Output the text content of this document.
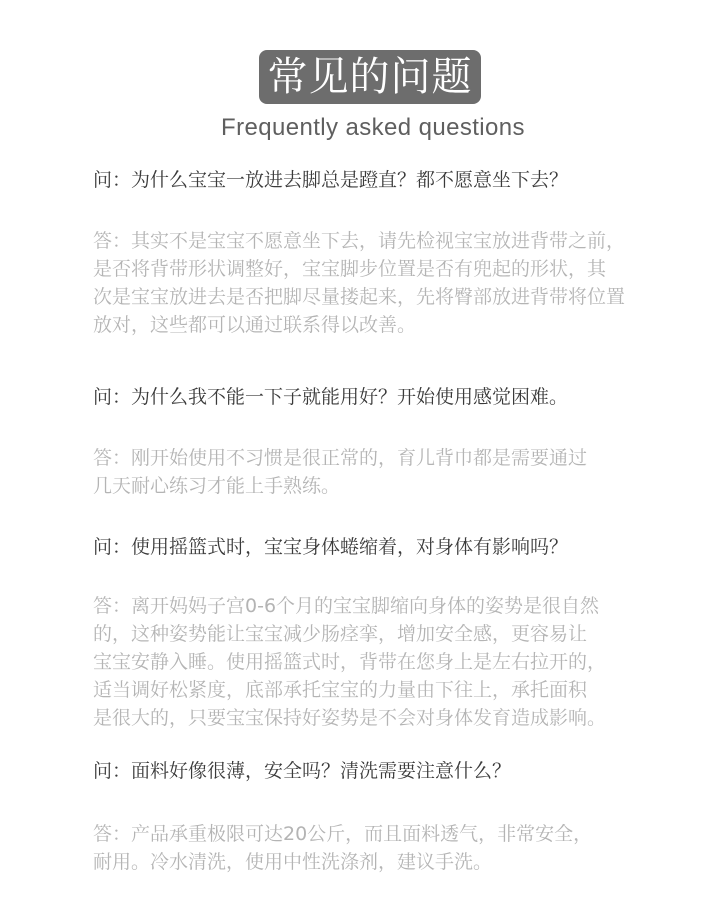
常见的问题
Frequently asked questions
问：为什么宝宝一放进去脚总是蹬直？都不愿意坐下去？
答：其实不是宝宝不愿意坐下去，请先检视宝宝放进背带之前，
是否将背带形状调整好，宝宝脚步位置是否有兜起的形状，其
次是宝宝放进去是否把脚尽量搂起来，先将臀部放进背带将位置
放对，这些都可以通过联系得以改善。
问：为什么我不能一下子就能用好？开始使用感觉困难。
答：刚开始使用不习惯是很正常的，育儿背巾都是需要通过
几天耐心练习才能上手熟练。
问：使用摇篮式时，宝宝身体蜷缩着，对身体有影响吗？
答：离开妈妈子宫0-6个月的宝宝脚缩向身体的姿势是很自然
的，这种姿势能让宝宝减少肠痉挛，增加安全感，更容易让
宝宝安静入睡。使用摇篮式时，背带在您身上是左右拉开的，
适当调好松紧度，底部承托宝宝的力量由下往上，承托面积
是很大的，只要宝宝保持好姿势是不会对身体发育造成影响。
问：面料好像很薄，安全吗？清洗需要注意什么？
答：产品承重极限可达20公斤，而且面料透气，非常安全，
耐用。冷水清洗，使用中性洗涤剂，建议手洗。
